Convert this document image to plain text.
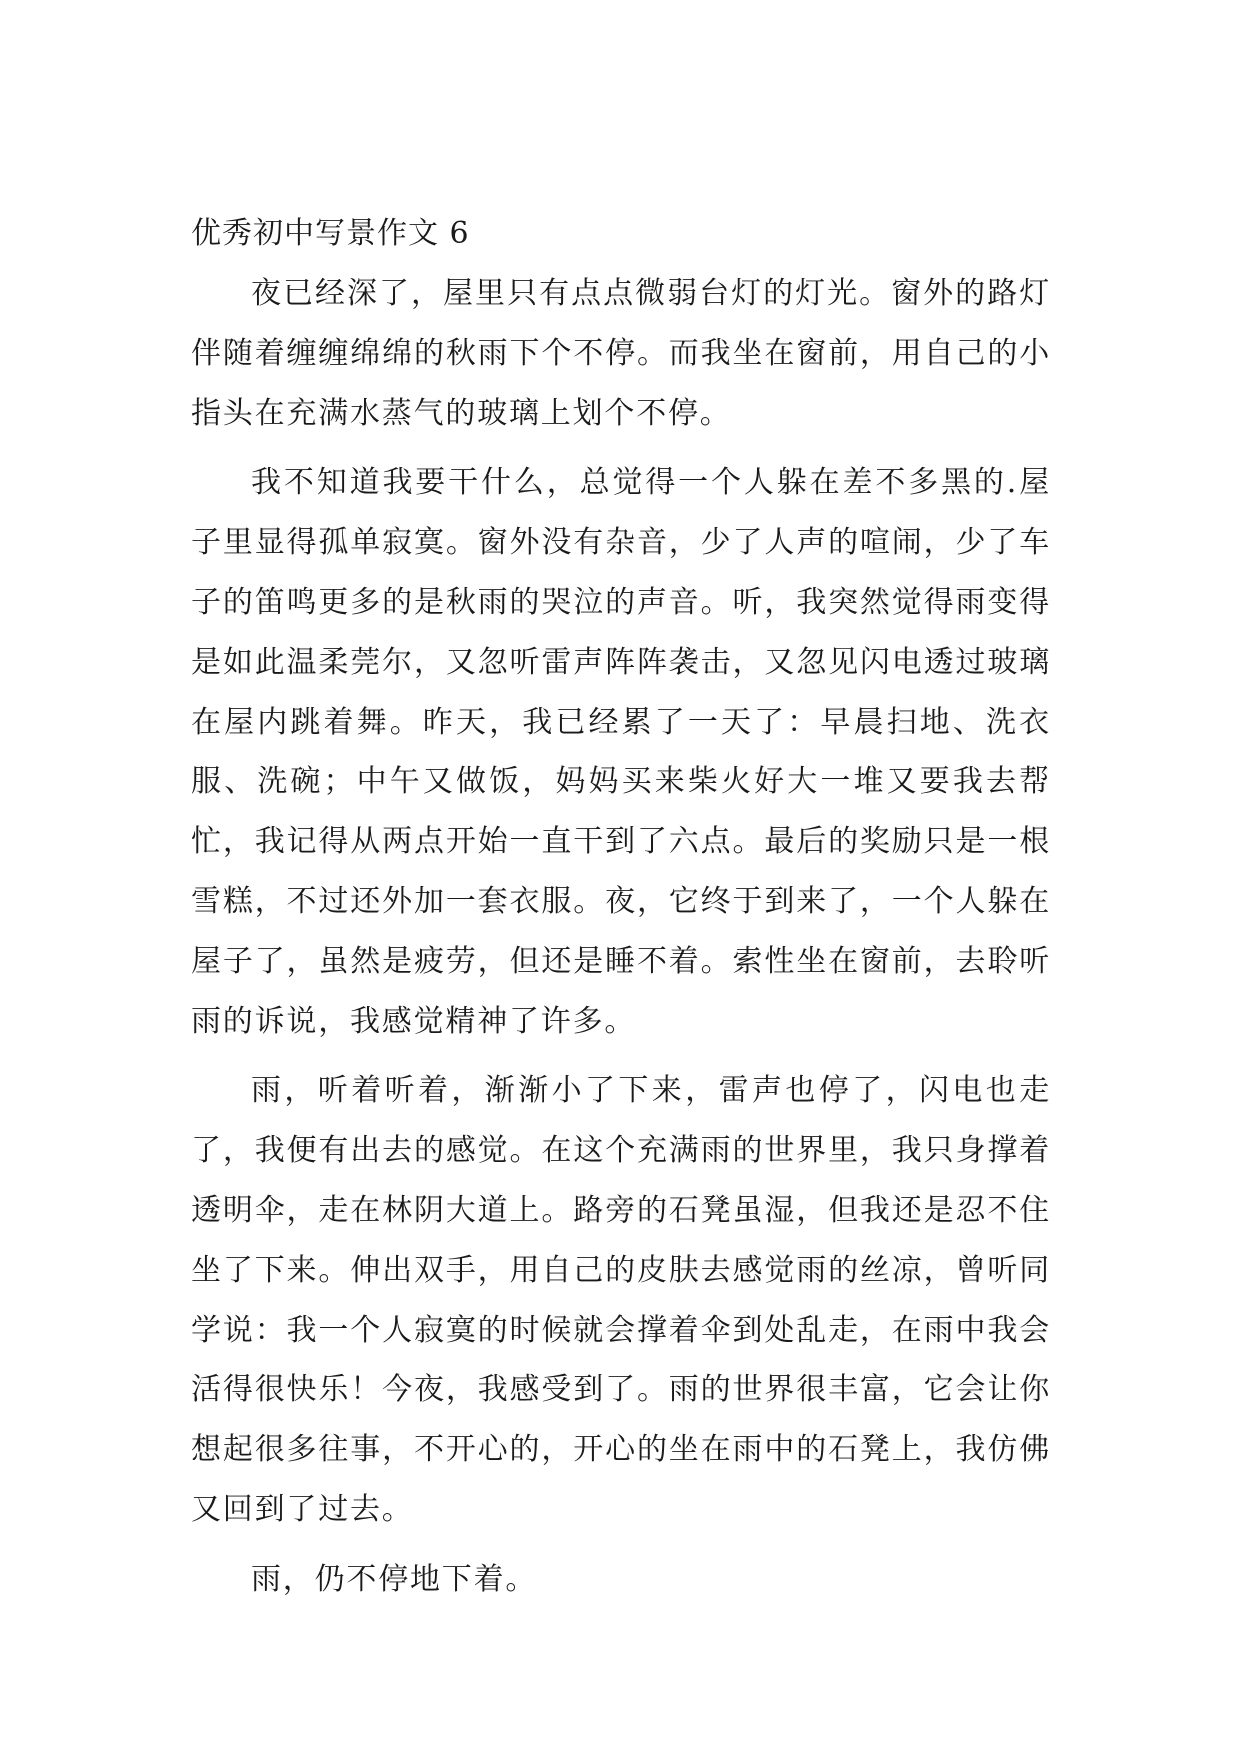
优秀初中写景作文 6

夜已经深了，屋里只有点点微弱台灯的灯光。窗外的路灯伴随着缠缠绵绵的秋雨下个不停。而我坐在窗前，用自己的小指头在充满水蒸气的玻璃上划个不停。

我不知道我要干什么，总觉得一个人躲在差不多黑的.屋子里显得孤单寂寞。窗外没有杂音，少了人声的喧闹，少了车子的笛鸣更多的是秋雨的哭泣的声音。听，我突然觉得雨变得是如此温柔莞尔，又忽听雷声阵阵袭击，又忽见闪电透过玻璃在屋内跳着舞。昨天，我已经累了一天了：早晨扫地、洗衣服、洗碗；中午又做饭，妈妈买来柴火好大一堆又要我去帮忙，我记得从两点开始一直干到了六点。最后的奖励只是一根雪糕，不过还外加一套衣服。夜，它终于到来了，一个人躲在屋子了，虽然是疲劳，但还是睡不着。索性坐在窗前，去聆听雨的诉说，我感觉精神了许多。

雨，听着听着，渐渐小了下来，雷声也停了，闪电也走了，我便有出去的感觉。在这个充满雨的世界里，我只身撑着透明伞，走在林阴大道上。路旁的石凳虽湿，但我还是忍不住坐了下来。伸出双手，用自己的皮肤去感觉雨的丝凉，曾听同学说：我一个人寂寞的时候就会撑着伞到处乱走，在雨中我会活得很快乐！今夜，我感受到了。雨的世界很丰富，它会让你想起很多往事，不开心的，开心的坐在雨中的石凳上，我仿佛又回到了过去。

雨，仍不停地下着。
